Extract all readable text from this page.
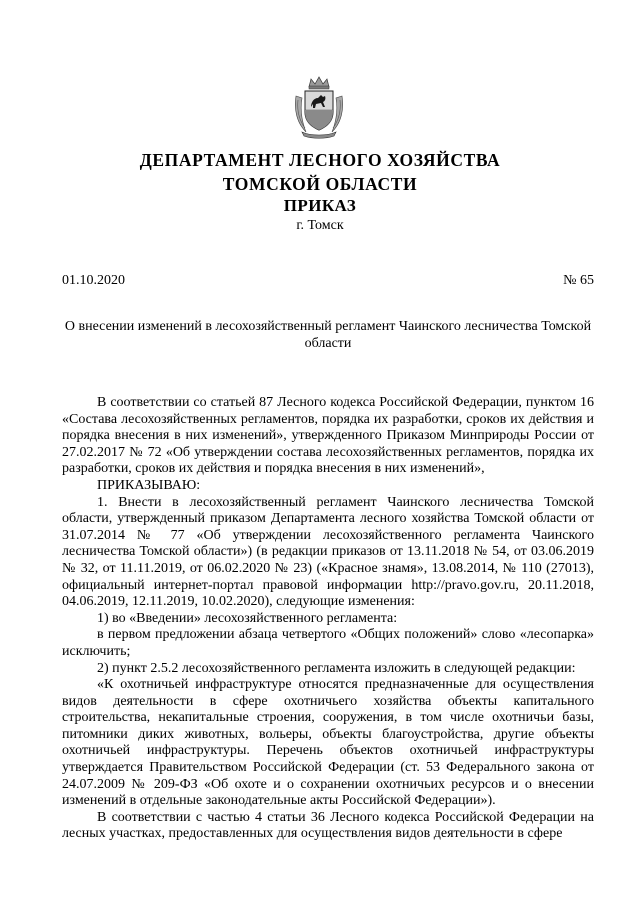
ДЕПАРТАМЕНТ ЛЕСНОГО ХОЗЯЙСТВА
ТОМСКОЙ ОБЛАСТИ
ПРИКАЗ
г. Томск
01.10.2020	№ 65
О внесении изменений в лесохозяйственный регламент Чаинского лесничества Томской области

В соответствии со статьей 87 Лесного кодекса Российской Федерации, пунктом 16 «Состава лесохозяйственных регламентов, порядка их разработки, сроков их действия и порядка внесения в них изменений», утвержденного Приказом Минприроды России от 27.02.2017 № 72 «Об утверждении состава лесохозяйственных регламентов, порядка их разработки, сроков их действия и порядка внесения в них изменений»,

ПРИКАЗЫВАЮ:

1. Внести в лесохозяйственный регламент Чаинского лесничества Томской области, утвержденный приказом Департамента лесного хозяйства Томской области от 31.07.2014 № 77 «Об утверждении лесохозяйственного регламента Чаинского лесничества Томской области») (в редакции приказов от 13.11.2018 № 54, от 03.06.2019 № 32, от 11.11.2019, от 06.02.2020 № 23) («Красное знамя», 13.08.2014, № 110 (27013), официальный интернет-портал правовой информации http://pravo.gov.ru, 20.11.2018, 04.06.2019, 12.11.2019, 10.02.2020), следующие изменения:

1) во «Введении» лесохозяйственного регламента:

в первом предложении абзаца четвертого «Общих положений» слово «лесопарка» исключить;

2) пункт 2.5.2 лесохозяйственного регламента изложить в следующей редакции:

«К охотничьей инфраструктуре относятся предназначенные для осуществления видов деятельности в сфере охотничьего хозяйства объекты капитального строительства, некапитальные строения, сооружения, в том числе охотничьи базы, питомники диких животных, вольеры, объекты благоустройства, другие объекты охотничьей инфраструктуры. Перечень объектов охотничьей инфраструктуры утверждается Правительством Российской Федерации (ст. 53 Федерального закона от 24.07.2009 № 209-ФЗ «Об охоте и о сохранении охотничьих ресурсов и о внесении изменений в отдельные законодательные акты Российской Федерации»).

В соответствии с частью 4 статьи 36 Лесного кодекса Российской Федерации на лесных участках, предоставленных для осуществления видов деятельности в сфере
